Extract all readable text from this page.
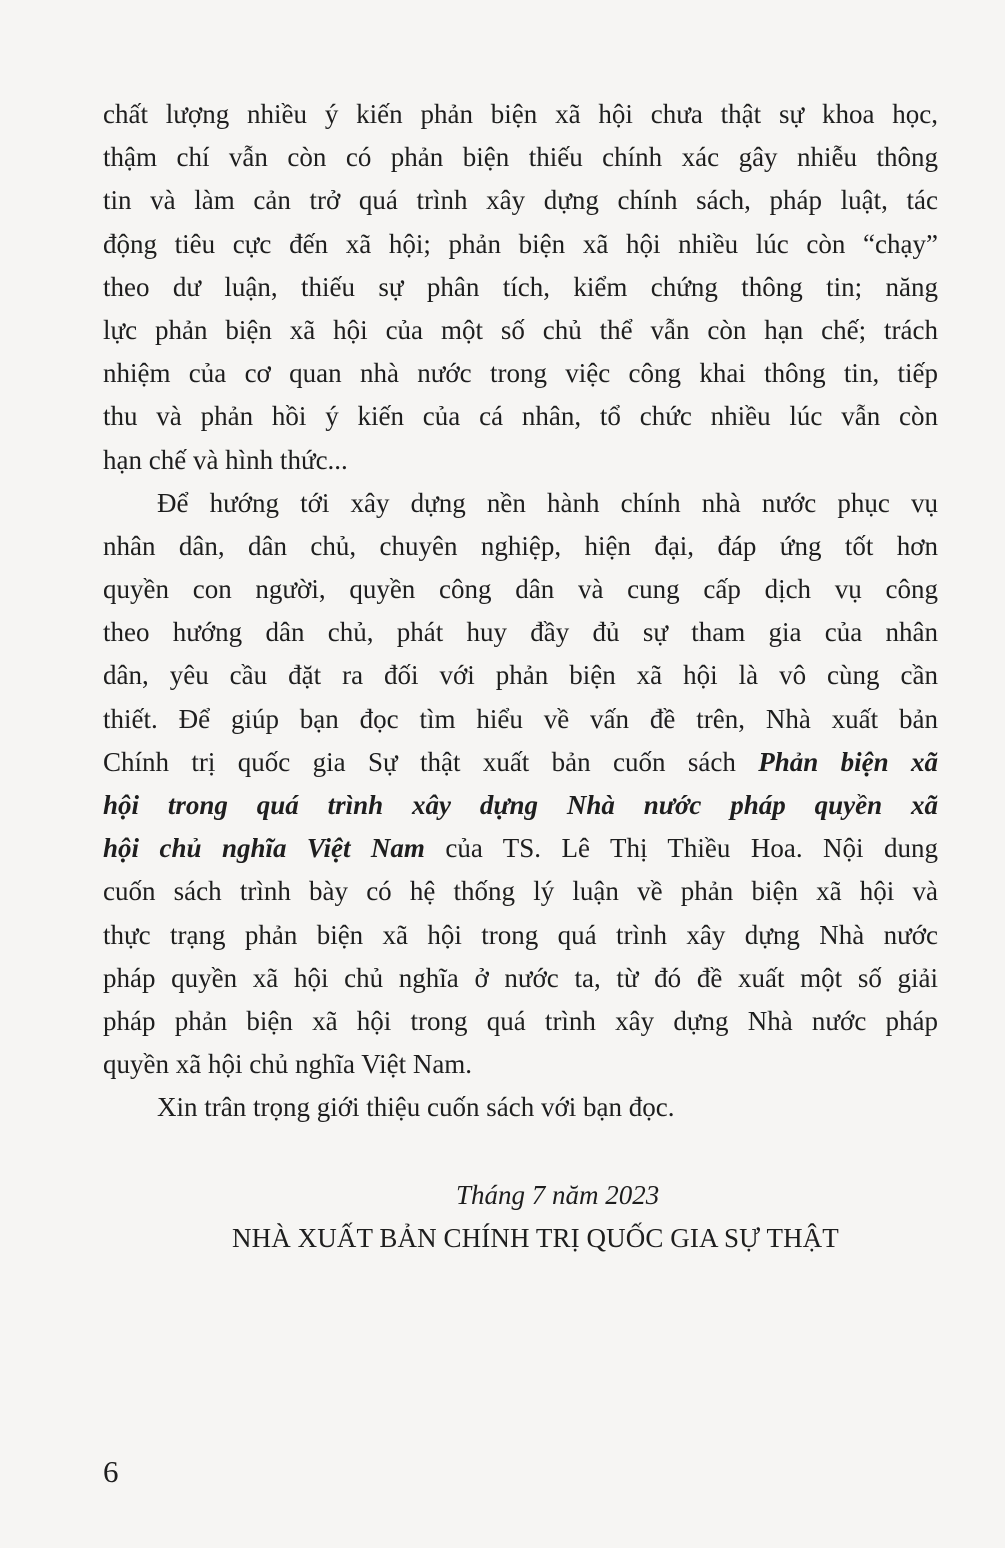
chất lượng nhiều ý kiến phản biện xã hội chưa thật sự khoa học,
thậm chí vẫn còn có phản biện thiếu chính xác gây nhiễu thông
tin và làm cản trở quá trình xây dựng chính sách, pháp luật, tác
động tiêu cực đến xã hội; phản biện xã hội nhiều lúc còn “chạy”
theo dư luận, thiếu sự phân tích, kiểm chứng thông tin; năng
lực phản biện xã hội của một số chủ thể vẫn còn hạn chế; trách
nhiệm của cơ quan nhà nước trong việc công khai thông tin, tiếp
thu và phản hồi ý kiến của cá nhân, tổ chức nhiều lúc vẫn còn
hạn chế và hình thức...
Để hướng tới xây dựng nền hành chính nhà nước phục vụ
nhân dân, dân chủ, chuyên nghiệp, hiện đại, đáp ứng tốt hơn
quyền con người, quyền công dân và cung cấp dịch vụ công
theo hướng dân chủ, phát huy đầy đủ sự tham gia của nhân
dân, yêu cầu đặt ra đối với phản biện xã hội là vô cùng cần
thiết. Để giúp bạn đọc tìm hiểu về vấn đề trên, Nhà xuất bản
Chính trị quốc gia Sự thật xuất bản cuốn sách Phản biện xã
hội trong quá trình xây dựng Nhà nước pháp quyền xã
hội chủ nghĩa Việt Nam của TS. Lê Thị Thiều Hoa. Nội dung
cuốn sách trình bày có hệ thống lý luận về phản biện xã hội và
thực trạng phản biện xã hội trong quá trình xây dựng Nhà nước
pháp quyền xã hội chủ nghĩa ở nước ta, từ đó đề xuất một số giải
pháp phản biện xã hội trong quá trình xây dựng Nhà nước pháp
quyền xã hội chủ nghĩa Việt Nam.
Xin trân trọng giới thiệu cuốn sách với bạn đọc.
Tháng 7 năm 2023
NHÀ XUẤT BẢN CHÍNH TRỊ QUỐC GIA SỰ THẬT
6
